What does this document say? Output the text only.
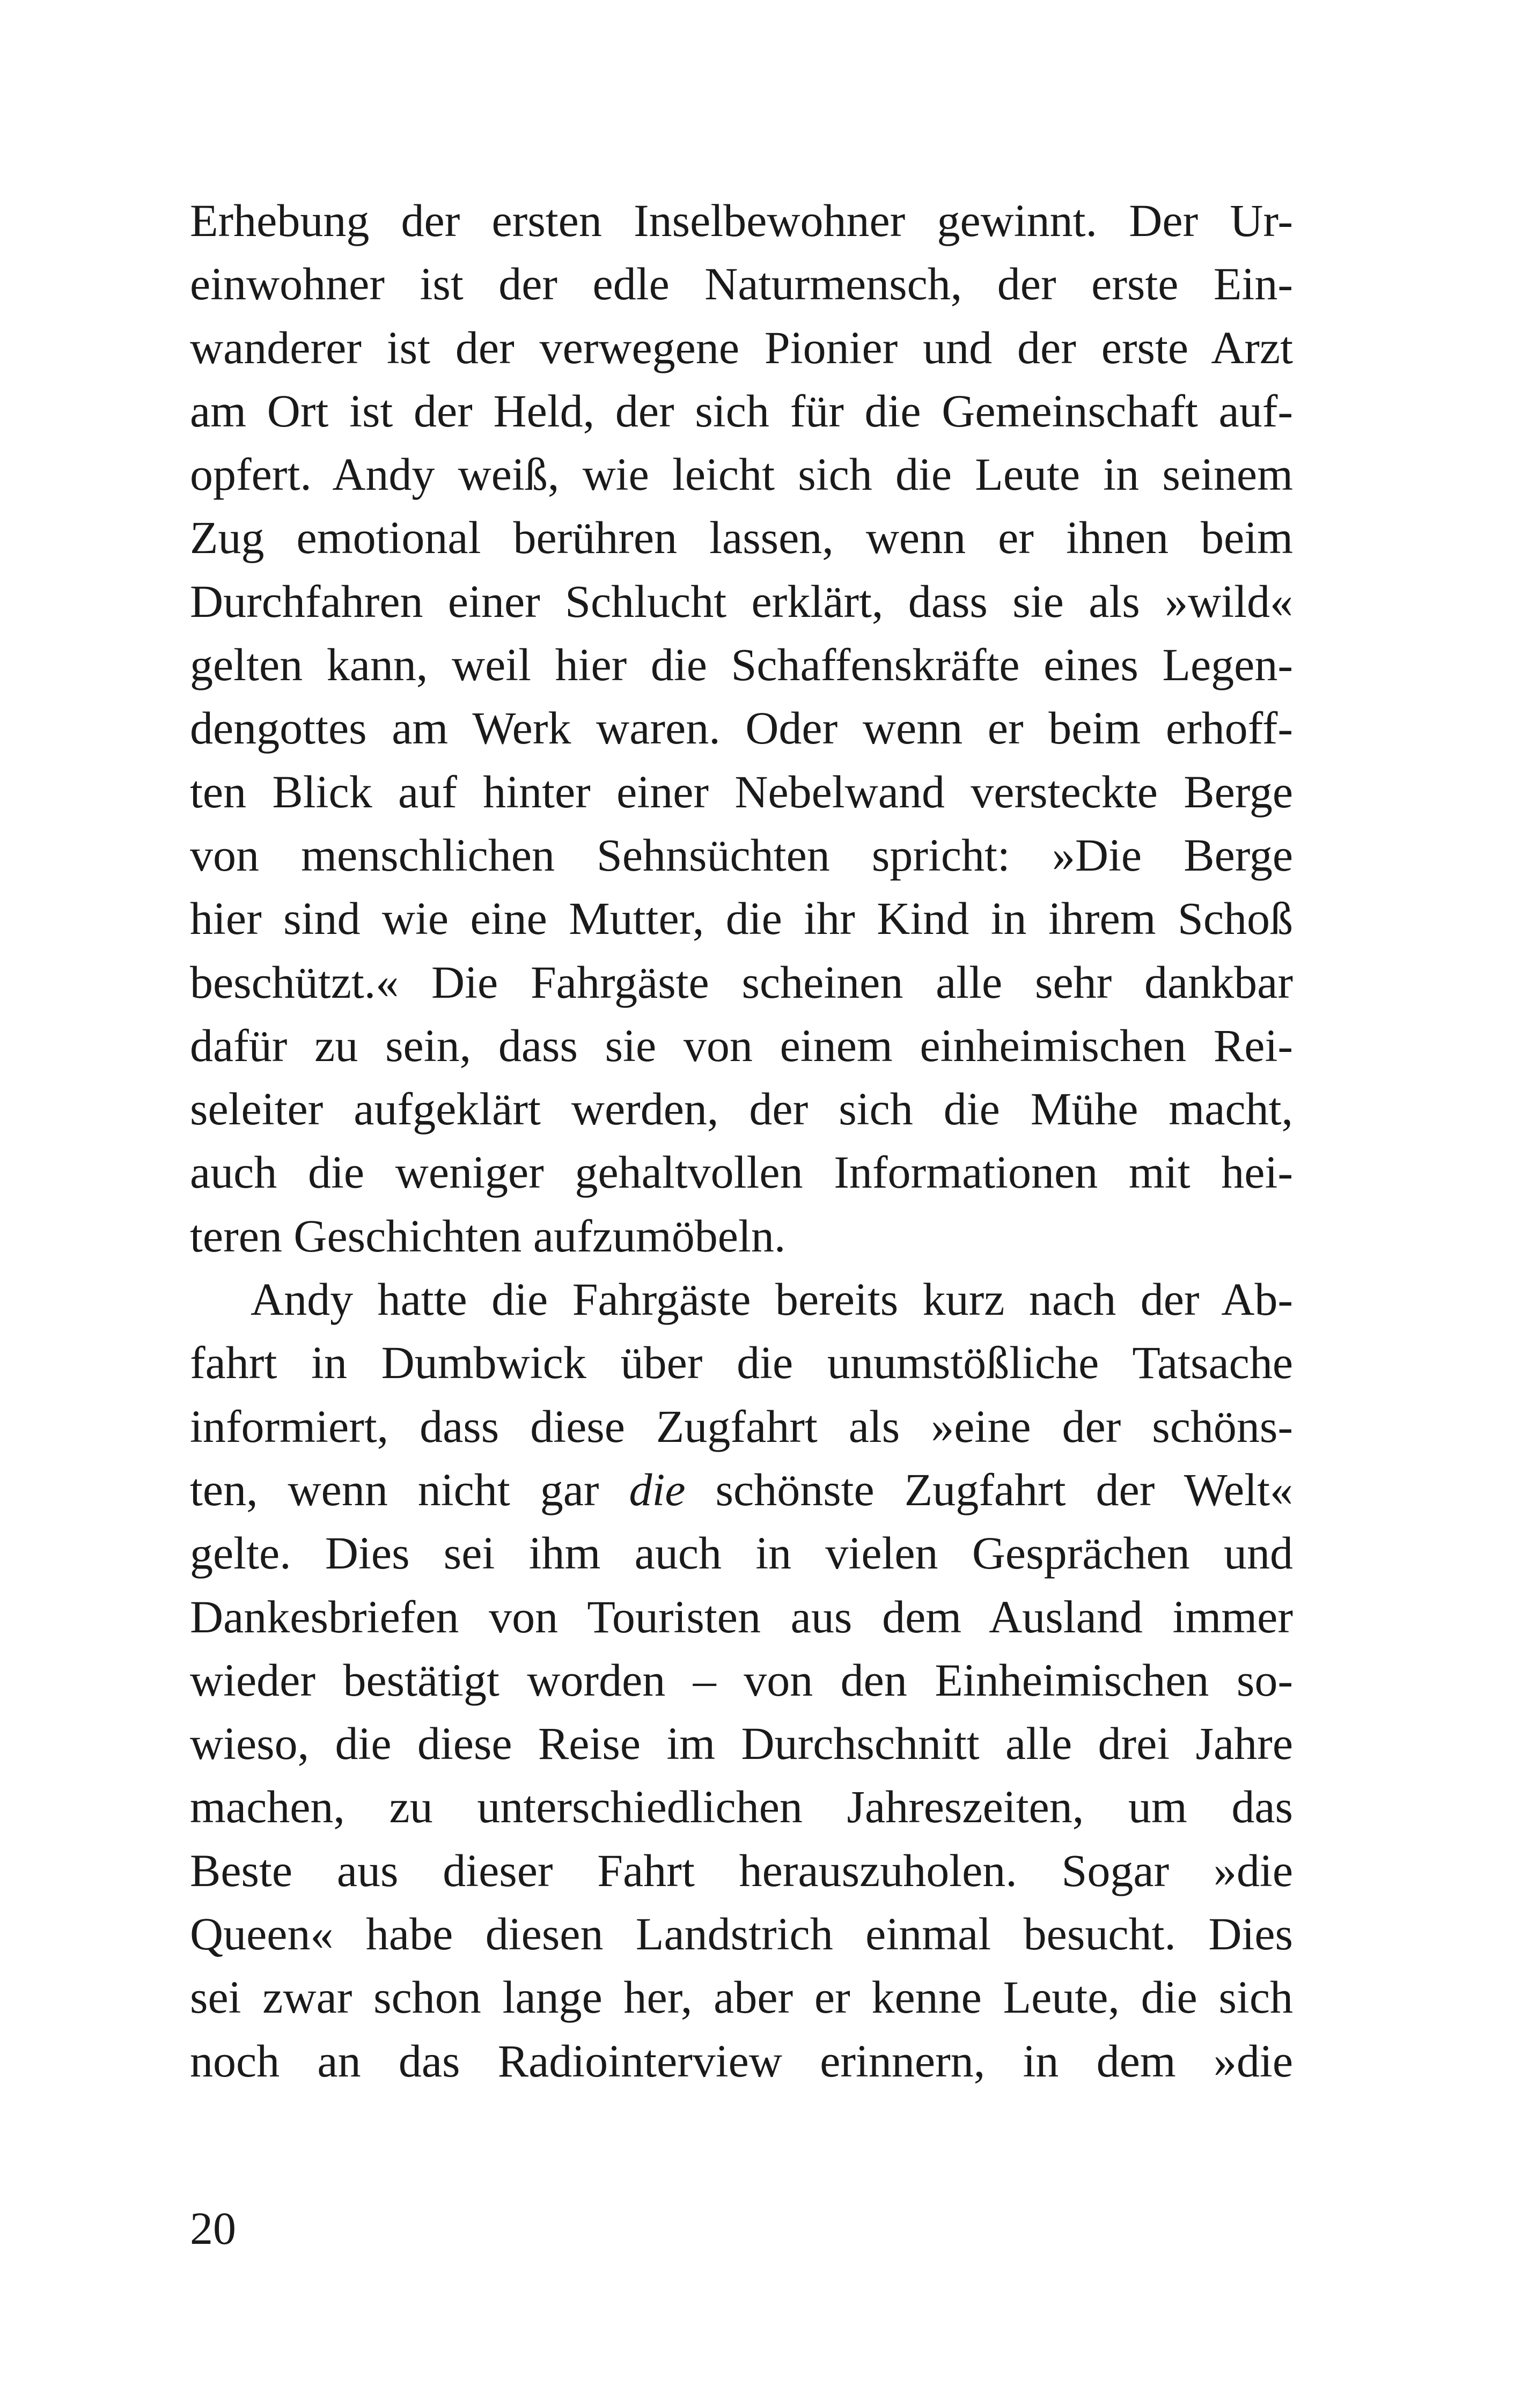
Erhebung der ersten Inselbewohner gewinnt. Der Ur-
einwohner ist der edle Naturmensch, der erste Ein-
wanderer ist der verwegene Pionier und der erste Arzt
am Ort ist der Held, der sich für die Gemeinschaft auf-
opfert. Andy weiß, wie leicht sich die Leute in seinem
Zug emotional berühren lassen, wenn er ihnen beim
Durchfahren einer Schlucht erklärt, dass sie als »wild«
gelten kann, weil hier die Schaffenskräfte eines Legen-
dengottes am Werk waren. Oder wenn er beim erhoff-
ten Blick auf hinter einer Nebelwand versteckte Berge
von menschlichen Sehnsüchten spricht: »Die Berge
hier sind wie eine Mutter, die ihr Kind in ihrem Schoß
beschützt.« Die Fahrgäste scheinen alle sehr dankbar
dafür zu sein, dass sie von einem einheimischen Rei-
seleiter aufgeklärt werden, der sich die Mühe macht,
auch die weniger gehaltvollen Informationen mit hei-
teren Geschichten aufzumöbeln.
Andy hatte die Fahrgäste bereits kurz nach der Ab-
fahrt in Dumbwick über die unumstößliche Tatsache
informiert, dass diese Zugfahrt als »eine der schöns-
ten, wenn nicht gar die schönste Zugfahrt der Welt«
gelte. Dies sei ihm auch in vielen Gesprächen und
Dankesbriefen von Touristen aus dem Ausland immer
wieder bestätigt worden – von den Einheimischen so-
wieso, die diese Reise im Durchschnitt alle drei Jahre
machen, zu unterschiedlichen Jahreszeiten, um das
Beste aus dieser Fahrt herauszuholen. Sogar »die
Queen« habe diesen Landstrich einmal besucht. Dies
sei zwar schon lange her, aber er kenne Leute, die sich
noch an das Radiointerview erinnern, in dem »die
20
